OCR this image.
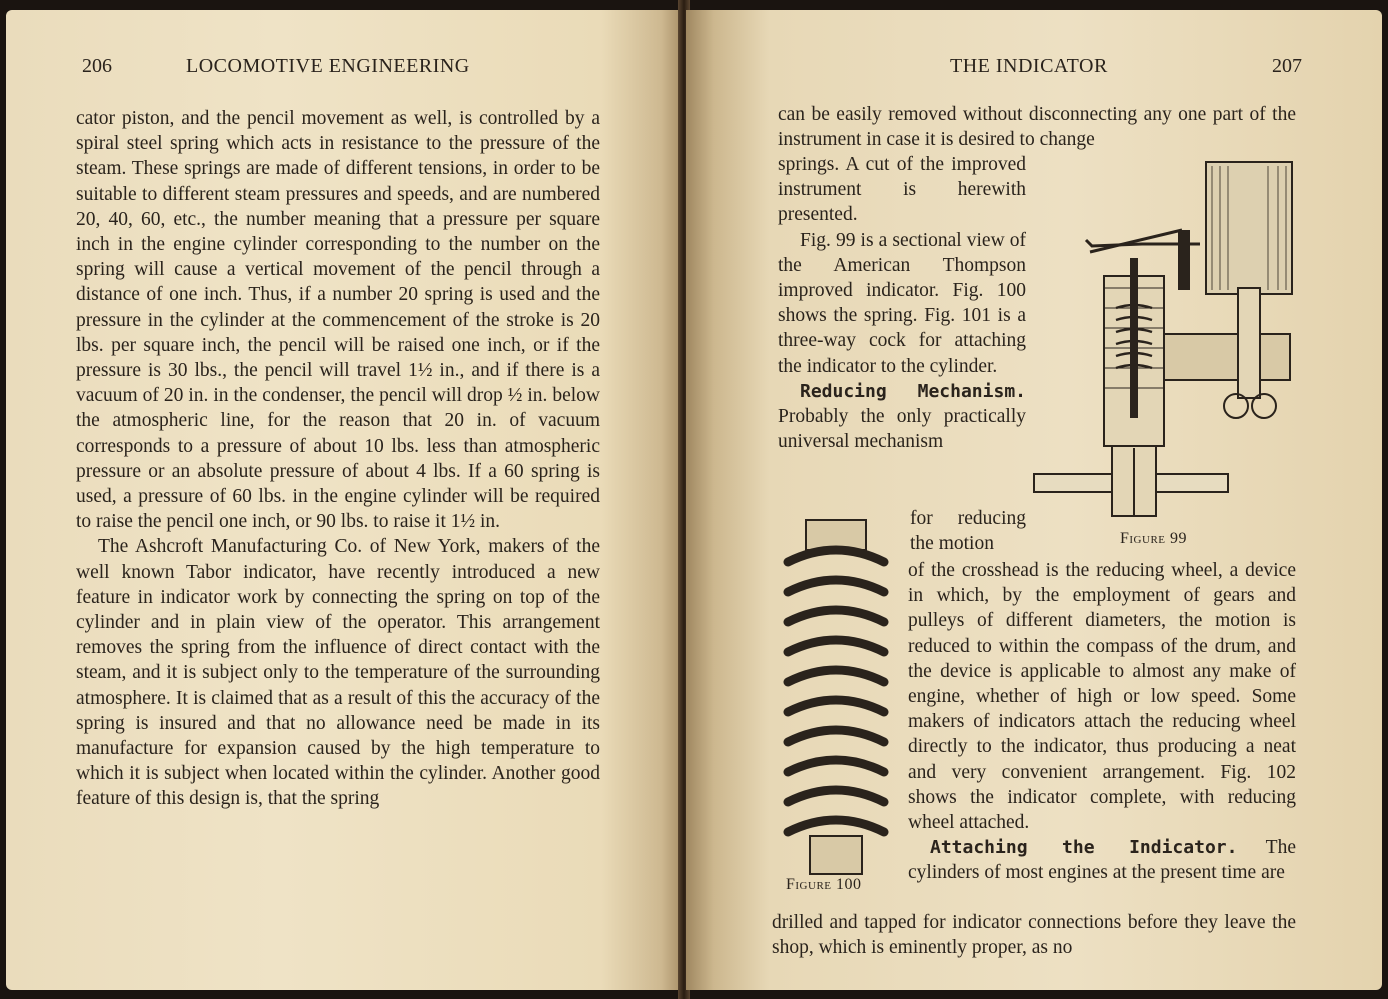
206	LOCOMOTIVE ENGINEERING

cator piston, and the pencil movement as well, is controlled by a spiral steel spring which acts in resistance to the pressure of the steam. These springs are made of different tensions, in order to be suitable to different steam pressures and speeds, and are numbered 20, 40, 60, etc., the number meaning that a pressure per square inch in the engine cylinder corresponding to the number on the spring will cause a vertical movement of the pencil through a distance of one inch. Thus, if a number 20 spring is used and the pressure in the cylinder at the commencement of the stroke is 20 lbs. per square inch, the pencil will be raised one inch, or if the pressure is 30 lbs., the pencil will travel 1½ in., and if there is a vacuum of 20 in. in the condenser, the pencil will drop ½ in. below the atmospheric line, for the reason that 20 in. of vacuum corresponds to a pressure of about 10 lbs. less than atmospheric pressure or an absolute pressure of about 4 lbs. If a 60 spring is used, a pressure of 60 lbs. in the engine cylinder will be required to raise the pencil one inch, or 90 lbs. to raise it 1½ in.

The Ashcroft Manufacturing Co. of New York, makers of the well known Tabor indicator, have recently introduced a new feature in indicator work by connecting the spring on top of the cylinder and in plain view of the operator. This arrangement removes the spring from the influence of direct contact with the steam, and it is subject only to the temperature of the surrounding atmosphere. It is claimed that as a result of this the accuracy of the spring is insured and that no allowance need be made in its manufacture for expansion caused by the high temperature to which it is subject when located within the cylinder. Another good feature of this design is, that the spring

THE INDICATOR	207
can be easily removed without disconnecting any one part of the instrument in case it is desired to change

springs. A cut of the improved instrument is herewith presented.

Fig. 99 is a sectional view of the American Thompson improved indicator. Fig. 100 shows the spring. Fig. 101 is a three-way cock for attaching the indicator to the cylinder.

Reducing Mechanism. Probably the only practically universal mechanism

for reducing the motion

of the crosshead is the reducing wheel, a device in which, by the employment of gears and pulleys of different diameters, the motion is reduced to within the compass of the drum, and the device is applicable to almost any make of engine, whether of high or low speed. Some makers of indicators attach the reducing wheel directly to the indicator, thus producing a neat and very convenient arrangement. Fig. 102 shows the indicator complete, with reducing wheel attached.

Attaching the Indicator. The cylinders of most engines at the present time are

drilled and tapped for indicator connections before they leave the shop, which is eminently proper, as no
Figure 99
Figure 100
